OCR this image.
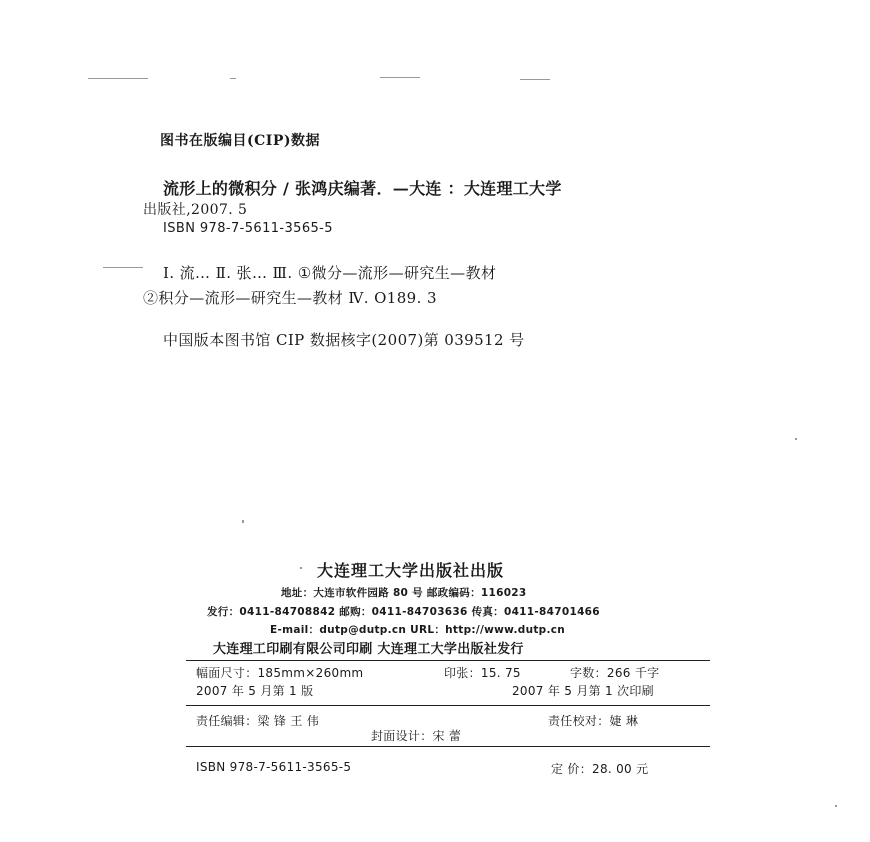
图书在版编目(CIP)数据
流形上的微积分 / 张鸿庆编著．—大连 ：大连理工大学
出版社,2007. 5
ISBN 978-7-5611-3565-5
Ⅰ. 流… Ⅱ. 张… Ⅲ. ①微分—流形—研究生—教材
②积分—流形—研究生—教材 Ⅳ. O189. 3
中国版本图书馆 CIP 数据核字(2007)第 039512 号
大连理工大学出版社出版
地址：大连市软件园路 80 号 邮政编码：116023
发行：0411-84708842 邮购：0411-84703636 传真：0411-84701466
E-mail：dutp@dutp.cn URL：http://www.dutp.cn
大连理工印刷有限公司印刷 大连理工大学出版社发行
幅面尺寸：185mm×260mm	印张：15. 75	字数：266 千字
2007 年 5 月第 1 版	2007 年 5 月第 1 次印刷
责任编辑：梁 锋 王 伟	责任校对：婕 琳
封面设计：宋 蕾
ISBN 978-7-5611-3565-5	定 价：28. 00 元
